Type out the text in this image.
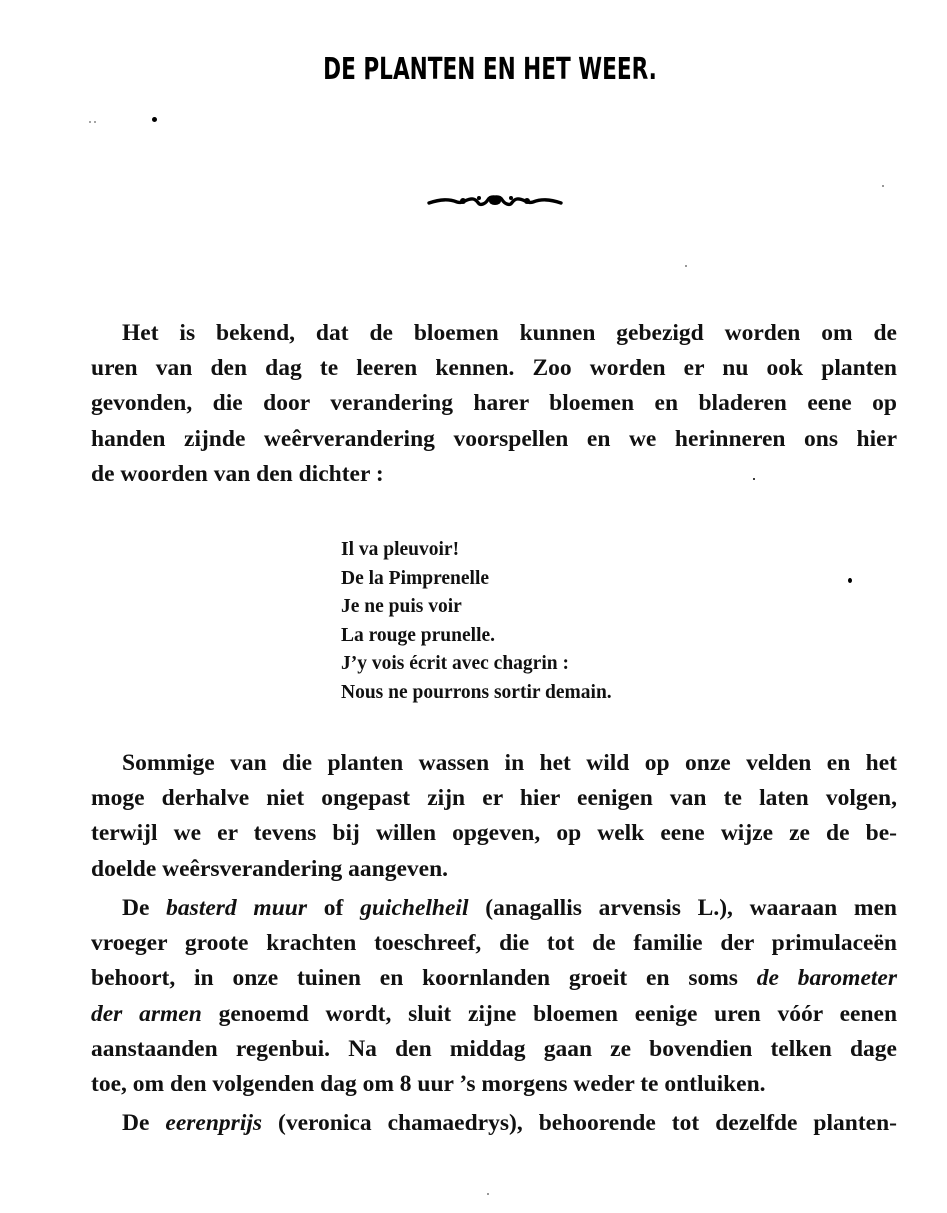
DE PLANTEN EN HET WEER.
Het is bekend, dat de bloemen kunnen gebezigd worden om de
uren van den dag te leeren kennen. Zoo worden er nu ook planten
gevonden, die door verandering harer bloemen en bladeren eene op
handen zijnde weêrverandering voorspellen en we herinneren ons hier
de woorden van den dichter :
Il va pleuvoir!
De la Pimprenelle
Je ne puis voir
La rouge prunelle.
J’y vois écrit avec chagrin :
Nous ne pourrons sortir demain.
Sommige van die planten wassen in het wild op onze velden en het
moge derhalve niet ongepast zijn er hier eenigen van te laten volgen,
terwijl we er tevens bij willen opgeven, op welk eene wijze ze de be-
doelde weêrsverandering aangeven.
De basterd muur of guichelheil (anagallis arvensis L.), waaraan men
vroeger groote krachten toeschreef, die tot de familie der primulaceën
behoort, in onze tuinen en koornlanden groeit en soms de barometer
der armen genoemd wordt, sluit zijne bloemen eenige uren vóór eenen
aanstaanden regenbui. Na den middag gaan ze bovendien telken dage
toe, om den volgenden dag om 8 uur ’s morgens weder te ontluiken.
De eerenprijs (veronica chamaedrys), behoorende tot dezelfde planten-
